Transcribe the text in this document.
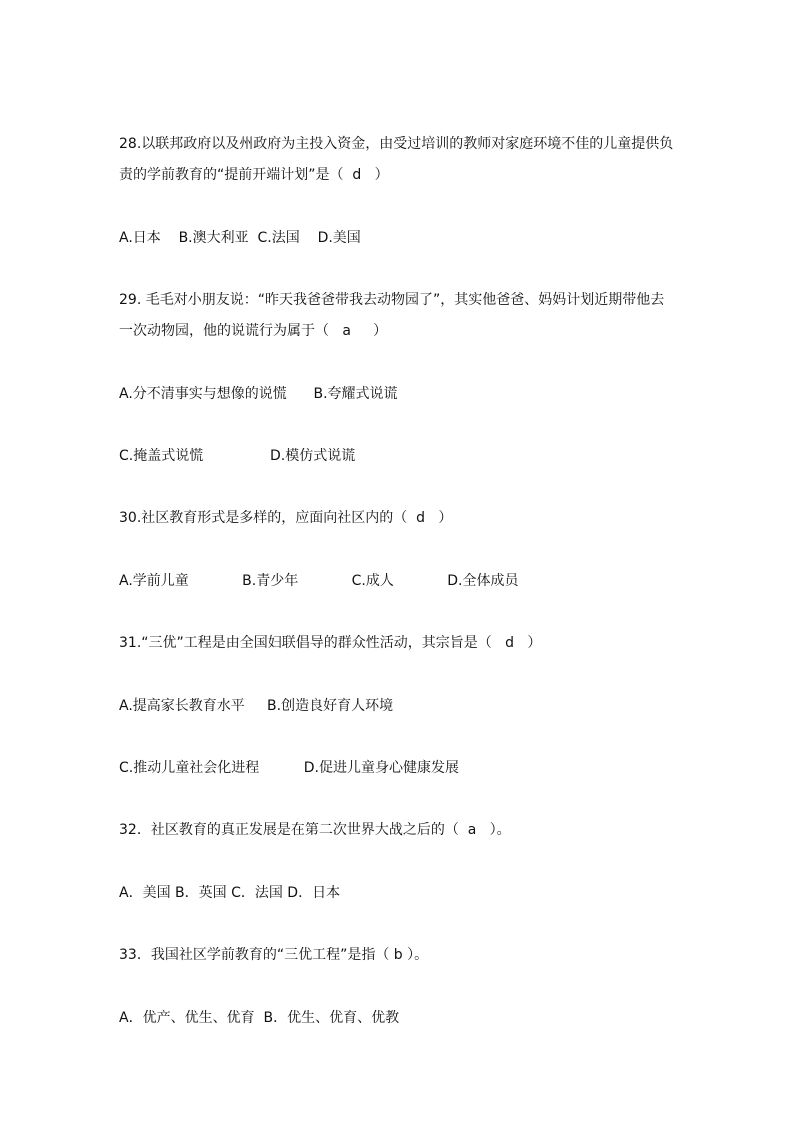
28.以联邦政府以及州政府为主投入资金，由受过培训的教师对家庭环境不佳的儿童提供负
责的学前教育的“提前开端计划”是（  d   ）
A.日本    B.澳大利亚  C.法国    D.美国
29. 毛毛对小朋友说：“昨天我爸爸带我去动物园了”，其实他爸爸、妈妈计划近期带他去
一次动物园，他的说谎行为属于（   a     ）
A.分不清事实与想像的说慌      B.夸耀式说谎
C.掩盖式说慌               D.模仿式说谎
30.社区教育形式是多样的，应面向社区内的（  d   ）
A.学前儿童            B.青少年            C.成人            D.全体成员
31.“三优”工程是由全国妇联倡导的群众性活动，其宗旨是（   d   ）
A.提高家长教育水平     B.创造良好育人环境
C.推动儿童社会化进程          D.促进儿童身心健康发展
32．社区教育的真正发展是在第二次世界大战之后的（  a   ）。
A．美国 B．英国 C．法国 D．日本
33．我国社区学前教育的“三优工程”是指（ b ）。
A．优产、优生、优育  B．优生、优育、优教
